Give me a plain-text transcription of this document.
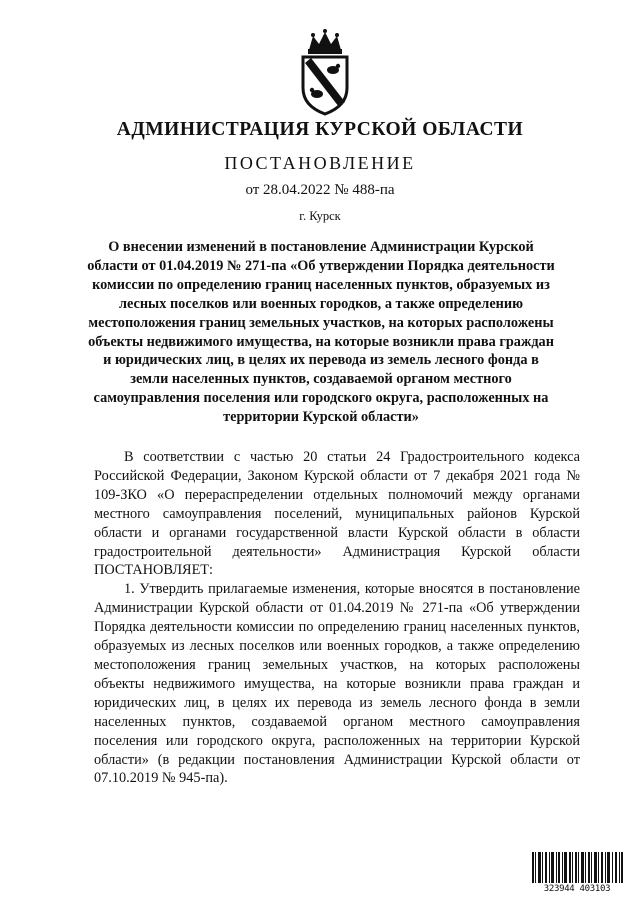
АДМИНИСТРАЦИЯ КУРСКОЙ ОБЛАСТИ
ПОСТАНОВЛЕНИЕ
от 28.04.2022 № 488-па
г. Курск

О внесении изменений в постановление Администрации Курской области от 01.04.2019 № 271-па «Об утверждении Порядка деятельности комиссии по определению границ населенных пунктов, образуемых из лесных поселков или военных городков, а также определению местоположения границ земельных участков, на которых расположены объекты недвижимого имущества, на которые возникли права граждан и юридических лиц, в целях их перевода из земель лесного фонда в земли населенных пунктов, создаваемой органом местного самоуправления поселения или городского округа, расположенных на территории Курской области»

В соответствии с частью 20 статьи 24 Градостроительного кодекса Российской Федерации, Законом Курской области от 7 декабря 2021 года № 109-ЗКО «О перераспределении отдельных полномочий между органами местного самоуправления поселений, муниципальных районов Курской области и органами государственной власти Курской области в области градостроительной деятельности» Администрация Курской области ПОСТАНОВЛЯЕТ:

1. Утвердить прилагаемые изменения, которые вносятся в постановление Администрации Курской области от 01.04.2019 № 271-па «Об утверждении Порядка деятельности комиссии по определению границ населенных пунктов, образуемых из лесных поселков или военных городков, а также определению местоположения границ земельных участков, на которых расположены объекты недвижимого имущества, на которые возникли права граждан и юридических лиц, в целях их перевода из земель лесного фонда в земли населенных пунктов, создаваемой органом местного самоуправления поселения или городского округа, расположенных на территории Курской области» (в редакции постановления Администрации Курской области от 07.10.2019 № 945-па).

323944 403103
